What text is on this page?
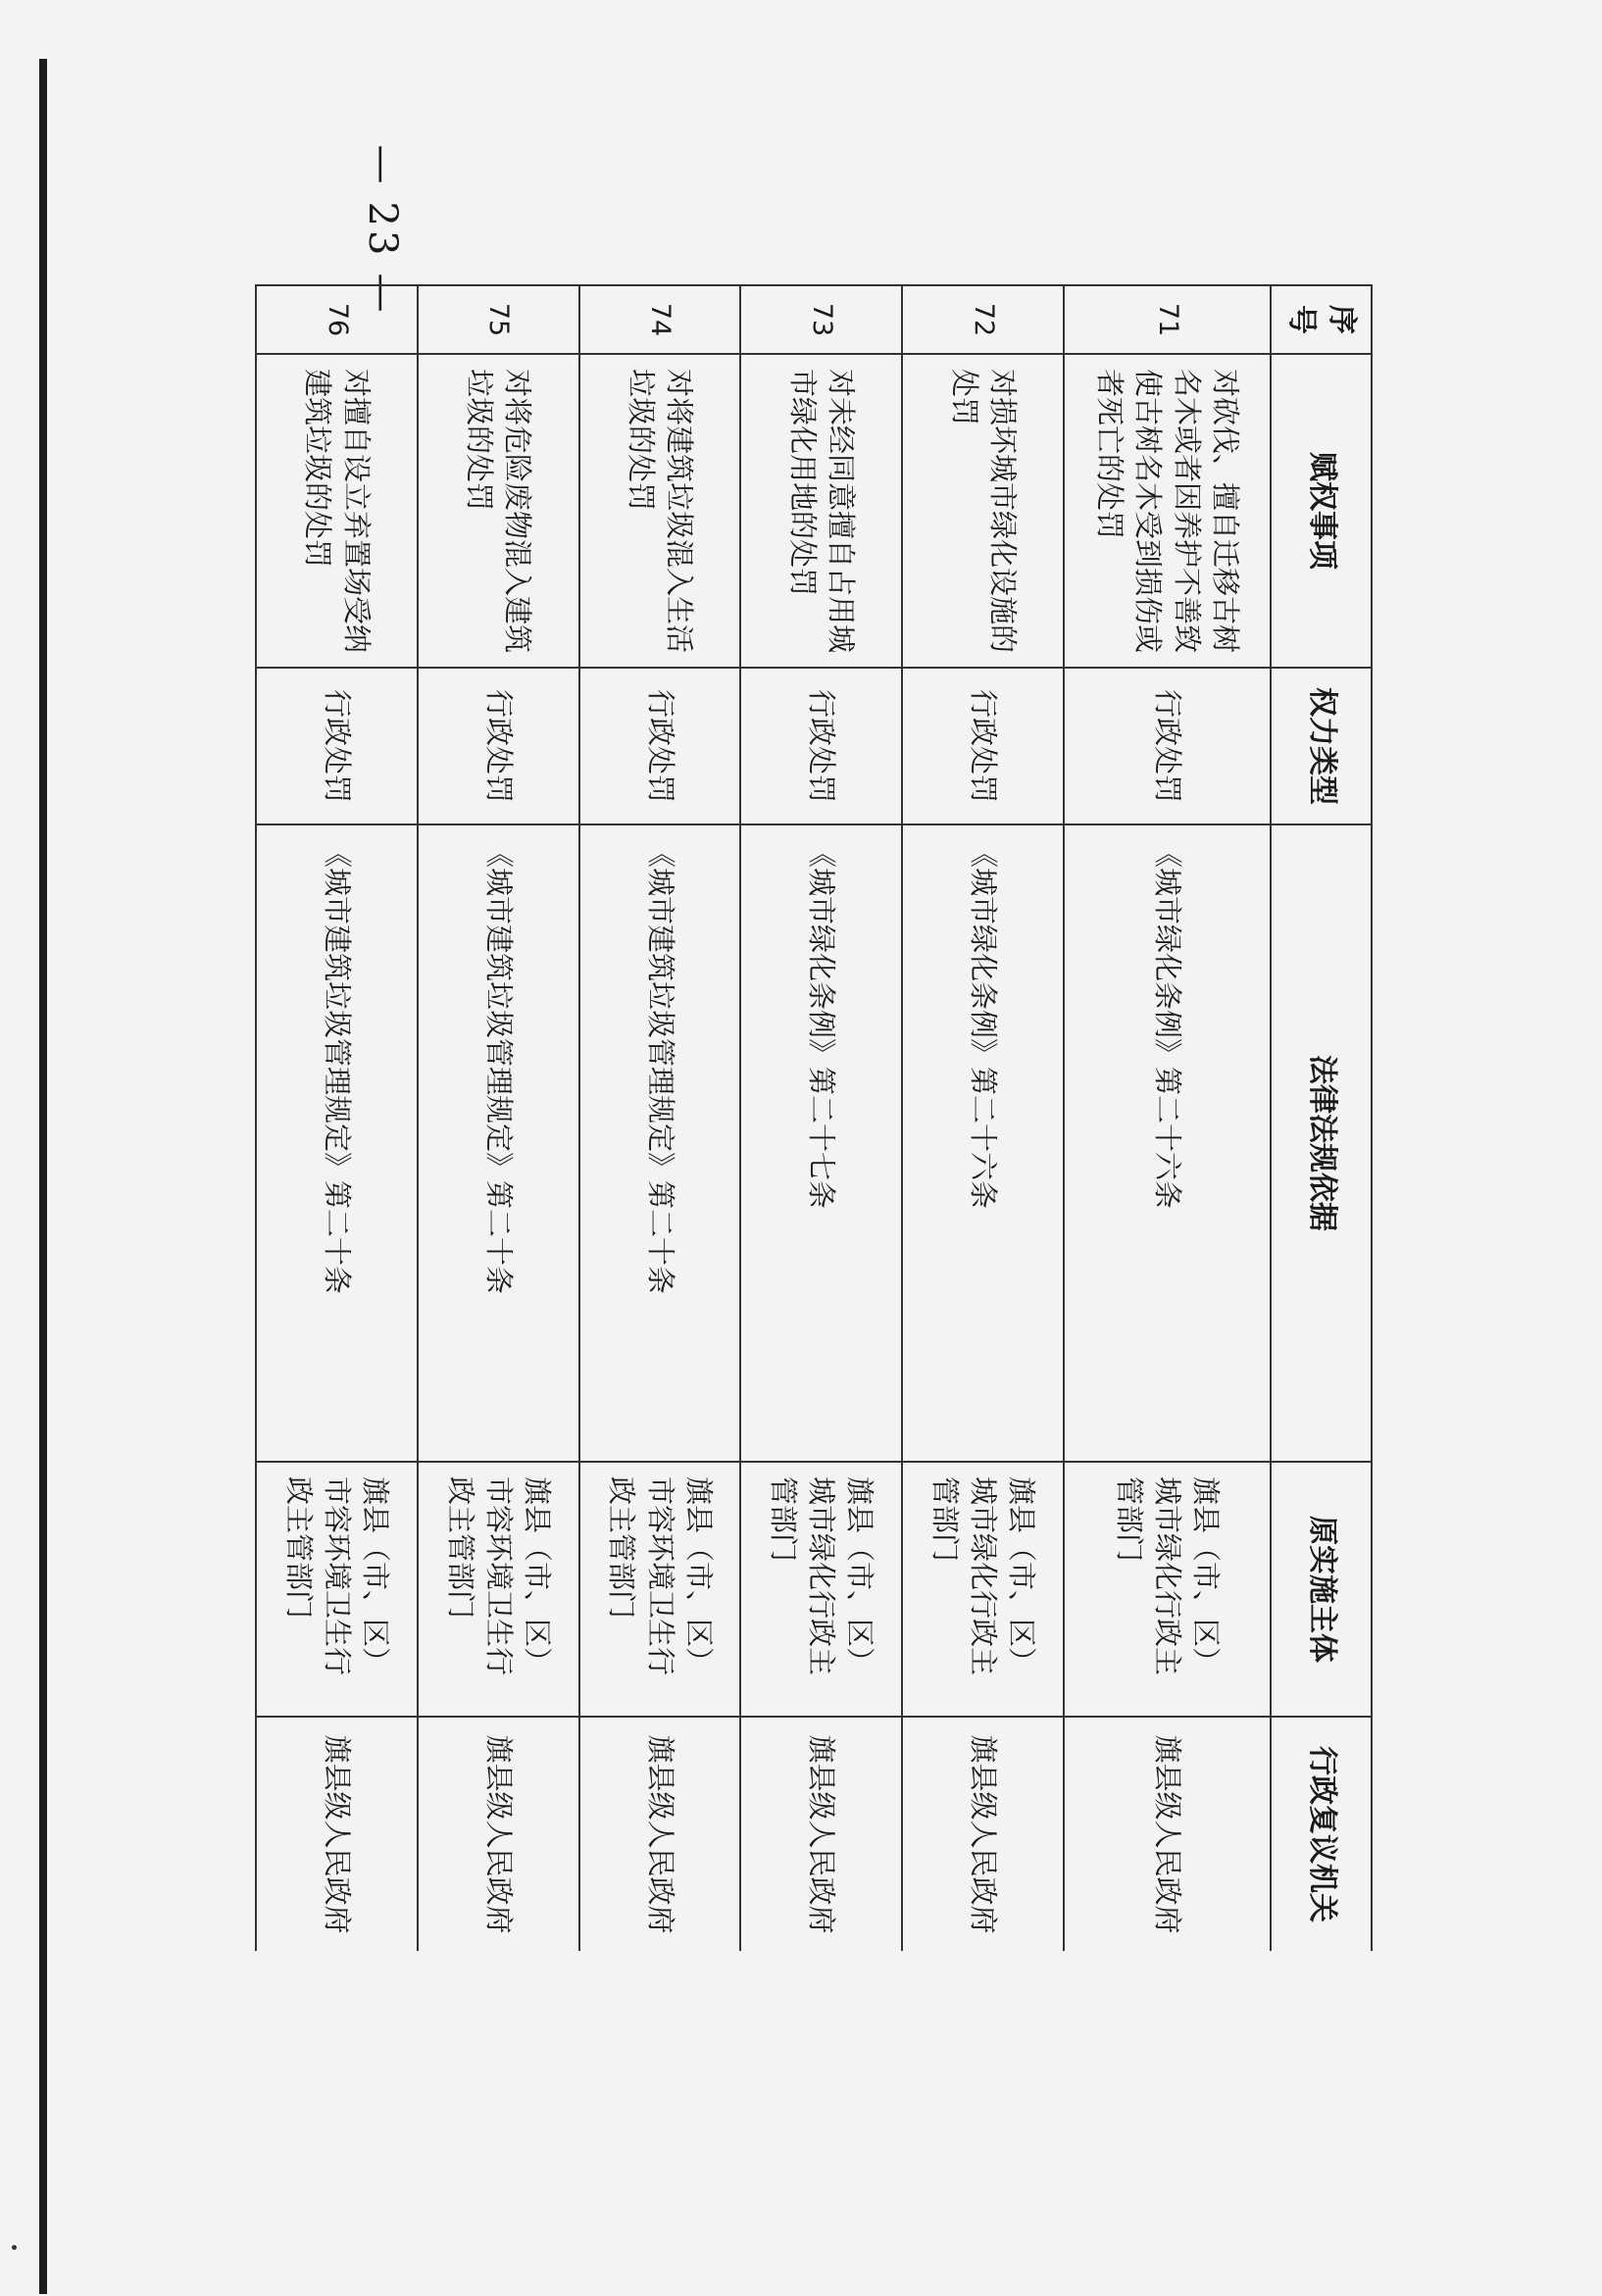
—
23
—
序号	赋权事项	权力类型	法律法规依据	原实施主体	行政复议机关
71	对砍伐、擅自迁移古树名木或者因养护不善致使古树名木受到损伤或者死亡的处罚	行政处罚	《城市绿化条例》第二十六条	旗县（市、区）城市绿化行政主管部门	旗县级人民政府
72	对损坏城市绿化设施的处罚	行政处罚	《城市绿化条例》第二十六条	旗县（市、区）城市绿化行政主管部门	旗县级人民政府
73	对未经同意擅自占用城市绿化用地的处罚	行政处罚	《城市绿化条例》第二十七条	旗县（市、区）城市绿化行政主管部门	旗县级人民政府
74	对将建筑垃圾混入生活垃圾的处罚	行政处罚	《城市建筑垃圾管理规定》第二十条	旗县（市、区）市容环境卫生行政主管部门	旗县级人民政府
75	对将危险废物混入建筑垃圾的处罚	行政处罚	《城市建筑垃圾管理规定》第二十条	旗县（市、区）市容环境卫生行政主管部门	旗县级人民政府
76	对擅自设立弃置场受纳建筑垃圾的处罚	行政处罚	《城市建筑垃圾管理规定》第二十条	旗县（市、区）市容环境卫生行政主管部门	旗县级人民政府
